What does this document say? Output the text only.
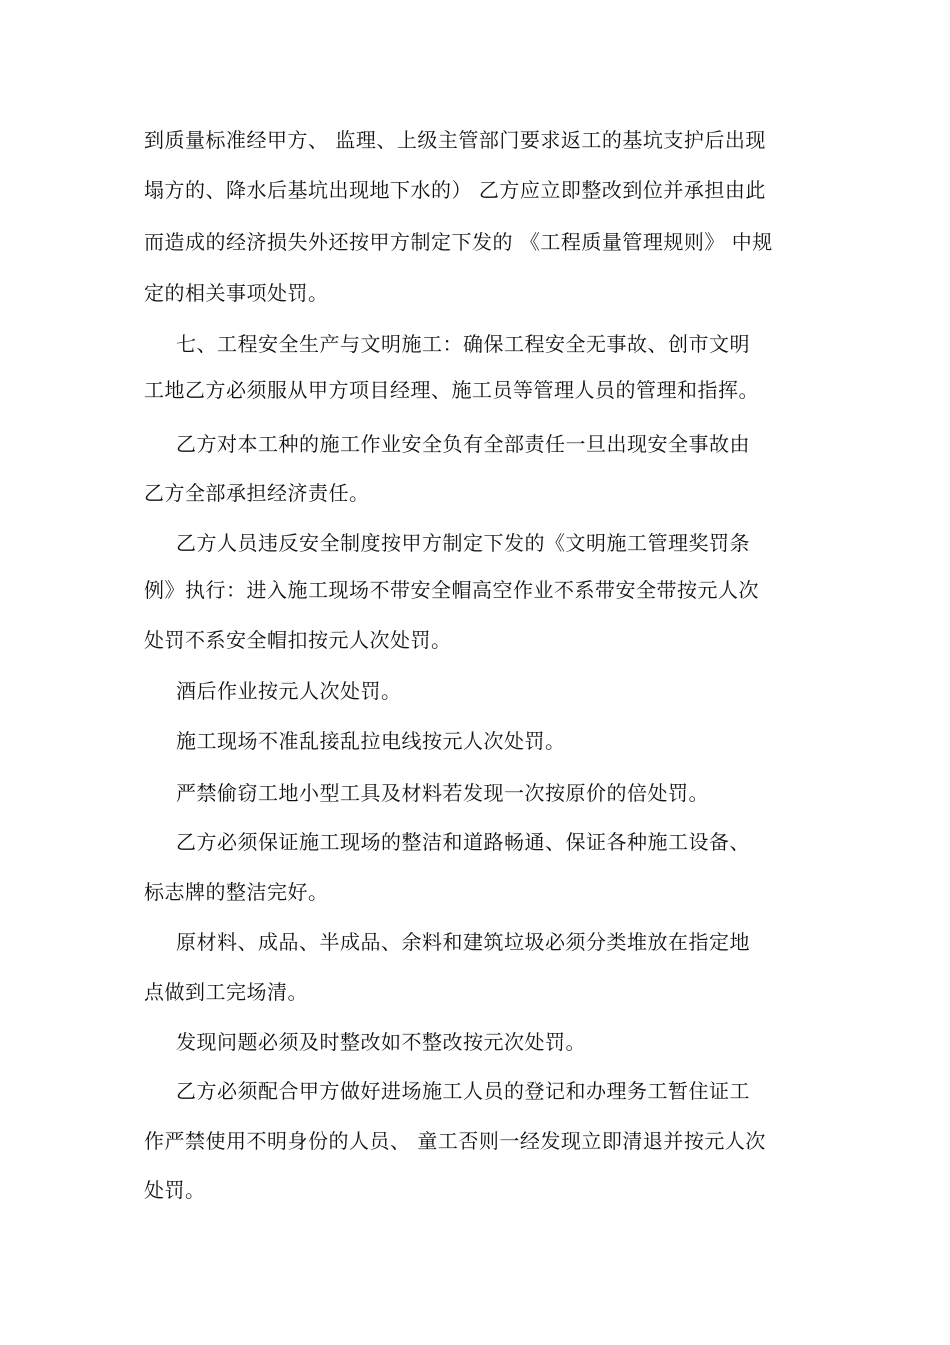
到质量标准经甲方、 监理、上级主管部门要求返工的基坑支护后出现
塌方的、降水后基坑出现地下水的） 乙方应立即整改到位并承担由此
而造成的经济损失外还按甲方制定下发的 《工程质量管理规则》 中规
定的相关事项处罚。
七、工程安全生产与文明施工：确保工程安全无事故、创市文明
工地乙方必须服从甲方项目经理、施工员等管理人员的管理和指挥。
乙方对本工种的施工作业安全负有全部责任一旦出现安全事故由
乙方全部承担经济责任。
乙方人员违反安全制度按甲方制定下发的《文明施工管理奖罚条
例》执行：进入施工现场不带安全帽高空作业不系带安全带按元人次
处罚不系安全帽扣按元人次处罚。
酒后作业按元人次处罚。
施工现场不准乱接乱拉电线按元人次处罚。
严禁偷窃工地小型工具及材料若发现一次按原价的倍处罚。
乙方必须保证施工现场的整洁和道路畅通、保证各种施工设备、
标志牌的整洁完好。
原材料、成品、半成品、余料和建筑垃圾必须分类堆放在指定地
点做到工完场清。
发现问题必须及时整改如不整改按元次处罚。
乙方必须配合甲方做好进场施工人员的登记和办理务工暂住证工
作严禁使用不明身份的人员、 童工否则一经发现立即清退并按元人次
处罚。
